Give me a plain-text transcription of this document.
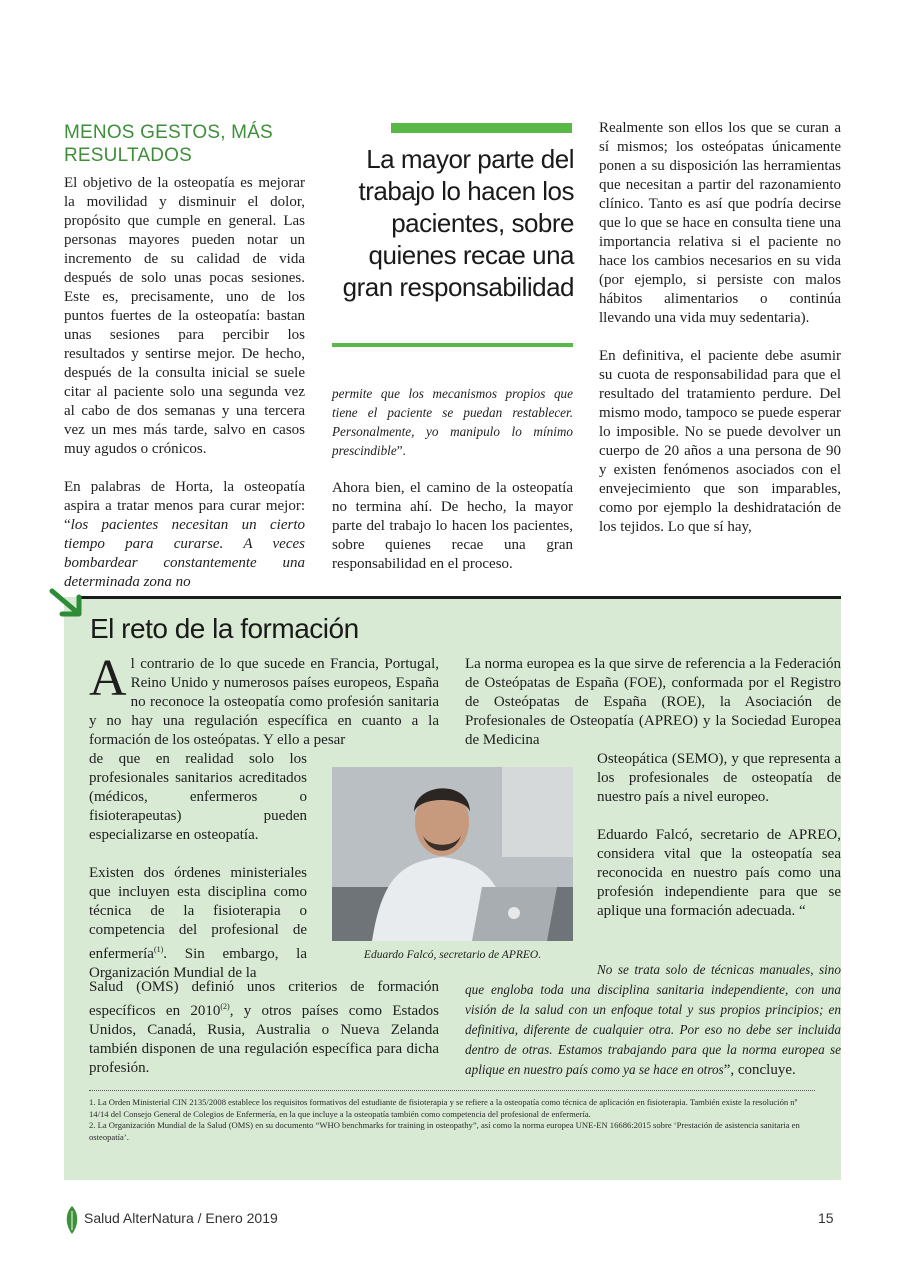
MENOS GESTOS, MÁS RESULTADOS

El objetivo de la osteopatía es mejorar la movilidad y disminuir el dolor, propósito que cumple en general. Las personas mayores pueden notar un incremento de su calidad de vida después de solo unas pocas sesiones. Este es, precisamente, uno de los puntos fuertes de la osteopatía: bastan unas sesiones para percibir los resultados y sentirse mejor. De hecho, después de la consulta inicial se suele citar al paciente solo una segunda vez al cabo de dos semanas y una tercera vez un mes más tarde, salvo en casos muy agudos o crónicos.

En palabras de Horta, la osteopatía aspira a tratar menos para curar mejor: “los pacientes necesitan un cierto tiempo para curarse. A veces bombardear constantemente una determinada zona no

La mayor parte del trabajo lo hacen los pacientes, sobre quienes recae una gran responsabilidad

permite que los mecanismos propios que tiene el paciente se puedan restablecer. Personalmente, yo manipulo lo mínimo prescindible”.

Ahora bien, el camino de la osteopatía no termina ahí. De hecho, la mayor parte del trabajo lo hacen los pacientes, sobre quienes recae una gran responsabilidad en el proceso.

Realmente son ellos los que se curan a sí mismos; los osteópatas únicamente ponen a su disposición las herramientas que necesitan a partir del razonamiento clínico. Tanto es así que podría decirse que lo que se hace en consulta tiene una importancia relativa si el paciente no hace los cambios necesarios en su vida (por ejemplo, si persiste con malos hábitos alimentarios o continúa llevando una vida muy sedentaria).

En definitiva, el paciente debe asumir su cuota de responsabilidad para que el resultado del tratamiento perdure. Del mismo modo, tampoco se puede esperar lo imposible. No se puede devolver un cuerpo de 20 años a una persona de 90 y existen fenómenos asociados con el envejecimiento que son imparables, como por ejemplo la deshidratación de los tejidos. Lo que sí hay,

El reto de la formación

Al contrario de lo que sucede en Francia, Portugal, Reino Unido y numerosos países europeos, España no reconoce la osteopatía como profesión sanitaria y no hay una regulación específica en cuanto a la formación de los osteópatas. Y ello a pesar

de que en realidad solo los profesionales sanitarios acreditados (médicos, enfermeros o fisioterapeutas) pueden especializarse en osteopatía.

Existen dos órdenes ministeriales que incluyen esta disciplina como técnica de la fisioterapia o competencia del profesional de enfermería$^{(1)}$. Sin embargo, la Organización Mundial de la

Salud (OMS) definió unos criterios de formación específicos en 2010$^{(2)}$, y otros países como Estados Unidos, Canadá, Rusia, Australia o Nueva Zelanda también disponen de una regulación específica para dicha profesión.

Eduardo Falcó, secretario de APREO.

La norma europea es la que sirve de referencia a la Federación de Osteópatas de España (FOE), conformada por el Registro de Osteópatas de España (ROE), la Asociación de Profesionales de Osteopatía (APREO) y la Sociedad Europea de Medicina

Osteopática (SEMO), y que representa a los profesionales de osteopatía de nuestro país a nivel europeo.

Eduardo Falcó, secretario de APREO, considera vital que la osteopatía sea reconocida en nuestro país como una profesión independiente para que se aplique una formación adecuada. “

No se trata solo de técnicas manuales, sino que engloba toda una disciplina sanitaria independiente, con una visión de la salud con un enfoque total y sus propios principios; en definitiva, diferente de cualquier otra. Por eso no debe ser incluida dentro de otras. Estamos trabajando para que la norma europea se aplique en nuestro país como ya se hace en otros”, concluye.

1. La Orden Ministerial CIN 2135/2008 establece los requisitos formativos del estudiante de fisioterapia y se refiere a la osteopatía como técnica de aplicación en fisioterapia. También existe la resolución nº 14/14 del Consejo General de Colegios de Enfermería, en la que incluye a la osteopatía también como competencia del profesional de enfermería.
2. La Organización Mundial de la Salud (OMS) en su documento “WHO benchmarks for training in osteopathy”, así como la norma europea UNE-EN 16686:2015 sobre ‘Prestación de asistencia sanitaria en osteopatía’.
Salud AlterNatura / Enero 2019	15
